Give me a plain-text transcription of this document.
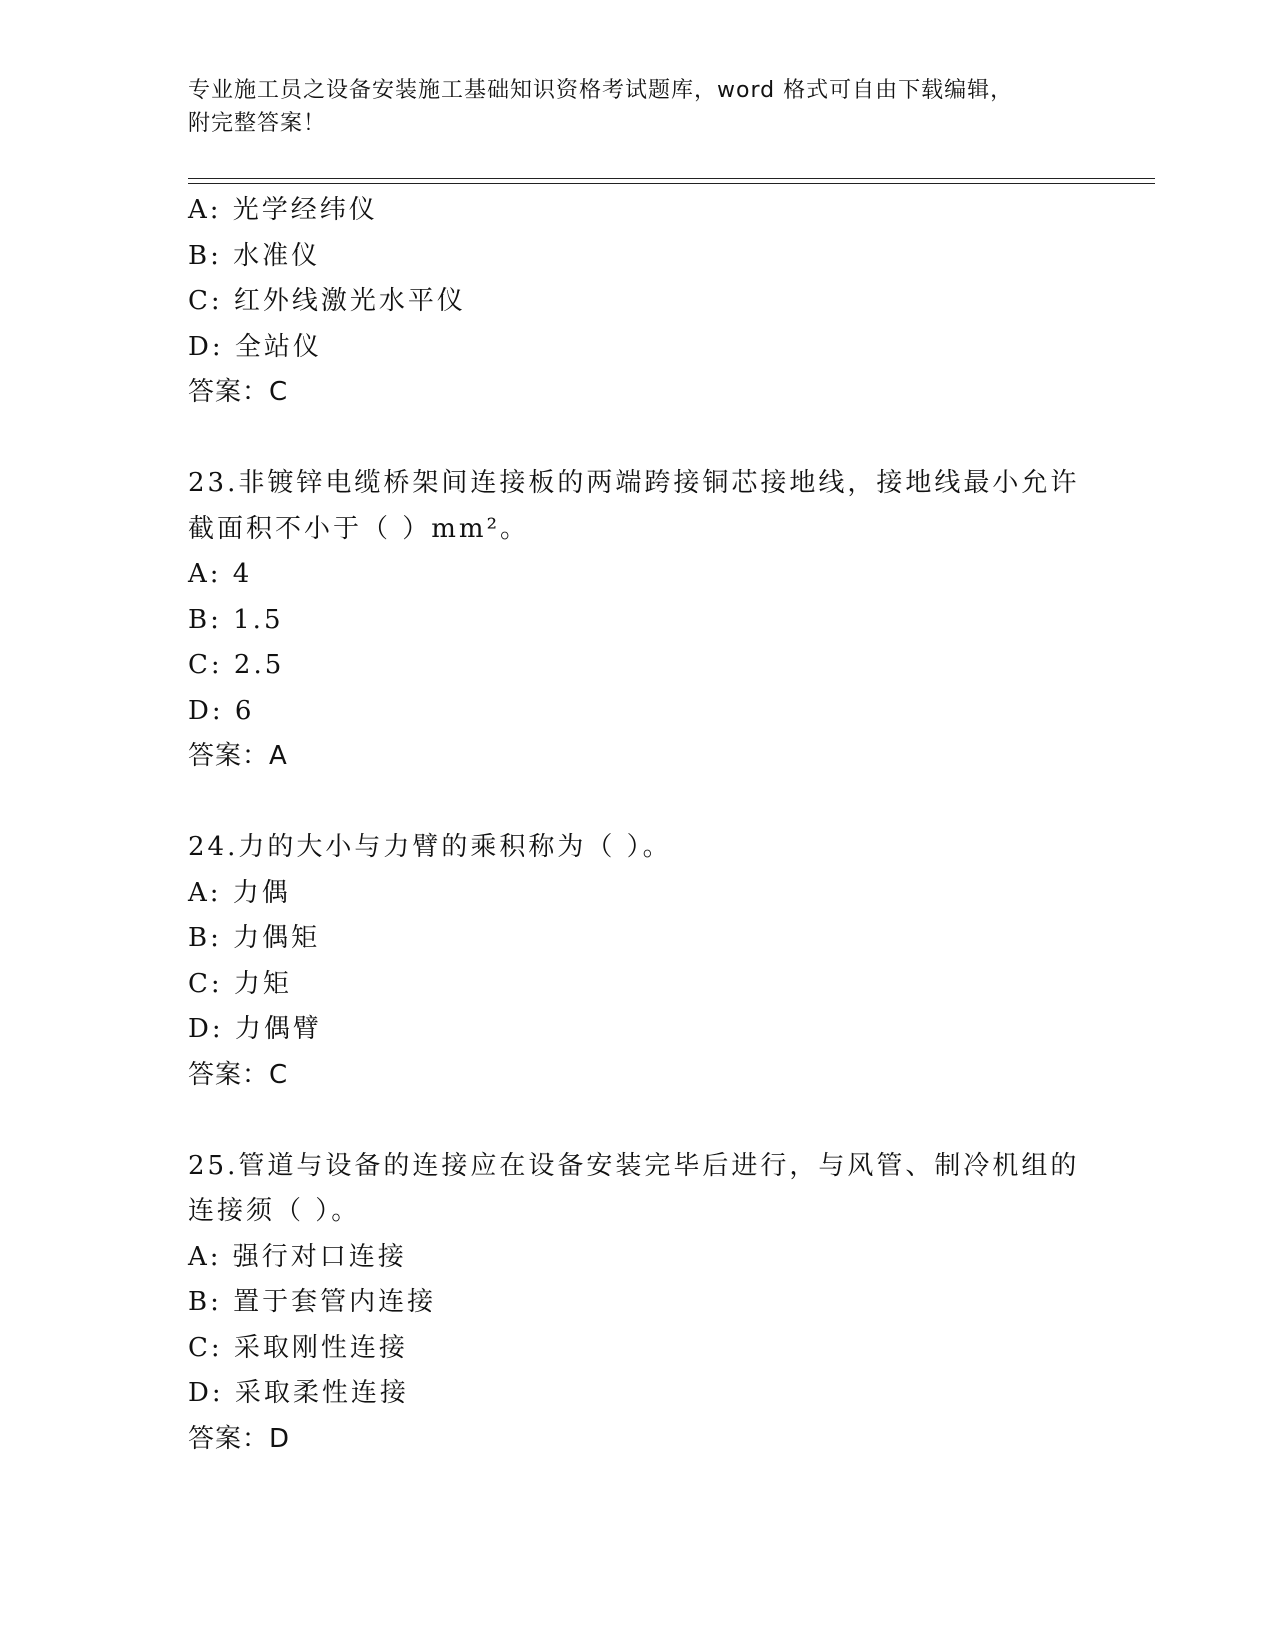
专业施工员之设备安装施工基础知识资格考试题库，word 格式可自由下载编辑，
附完整答案！
A: 光学经纬仪
B: 水准仪
C: 红外线激光水平仪
D: 全站仪
答案：C
23.非镀锌电缆桥架间连接板的两端跨接铜芯接地线，接地线最小允许
截面积不小于（ ）mm²。
A: 4
B: 1.5
C: 2.5
D: 6
答案：A
24.力的大小与力臂的乘积称为（ ）。
A: 力偶
B: 力偶矩
C: 力矩
D: 力偶臂
答案：C
25.管道与设备的连接应在设备安装完毕后进行，与风管、制冷机组的
连接须（ ）。
A: 强行对口连接
B: 置于套管内连接
C: 采取刚性连接
D: 采取柔性连接
答案：D
